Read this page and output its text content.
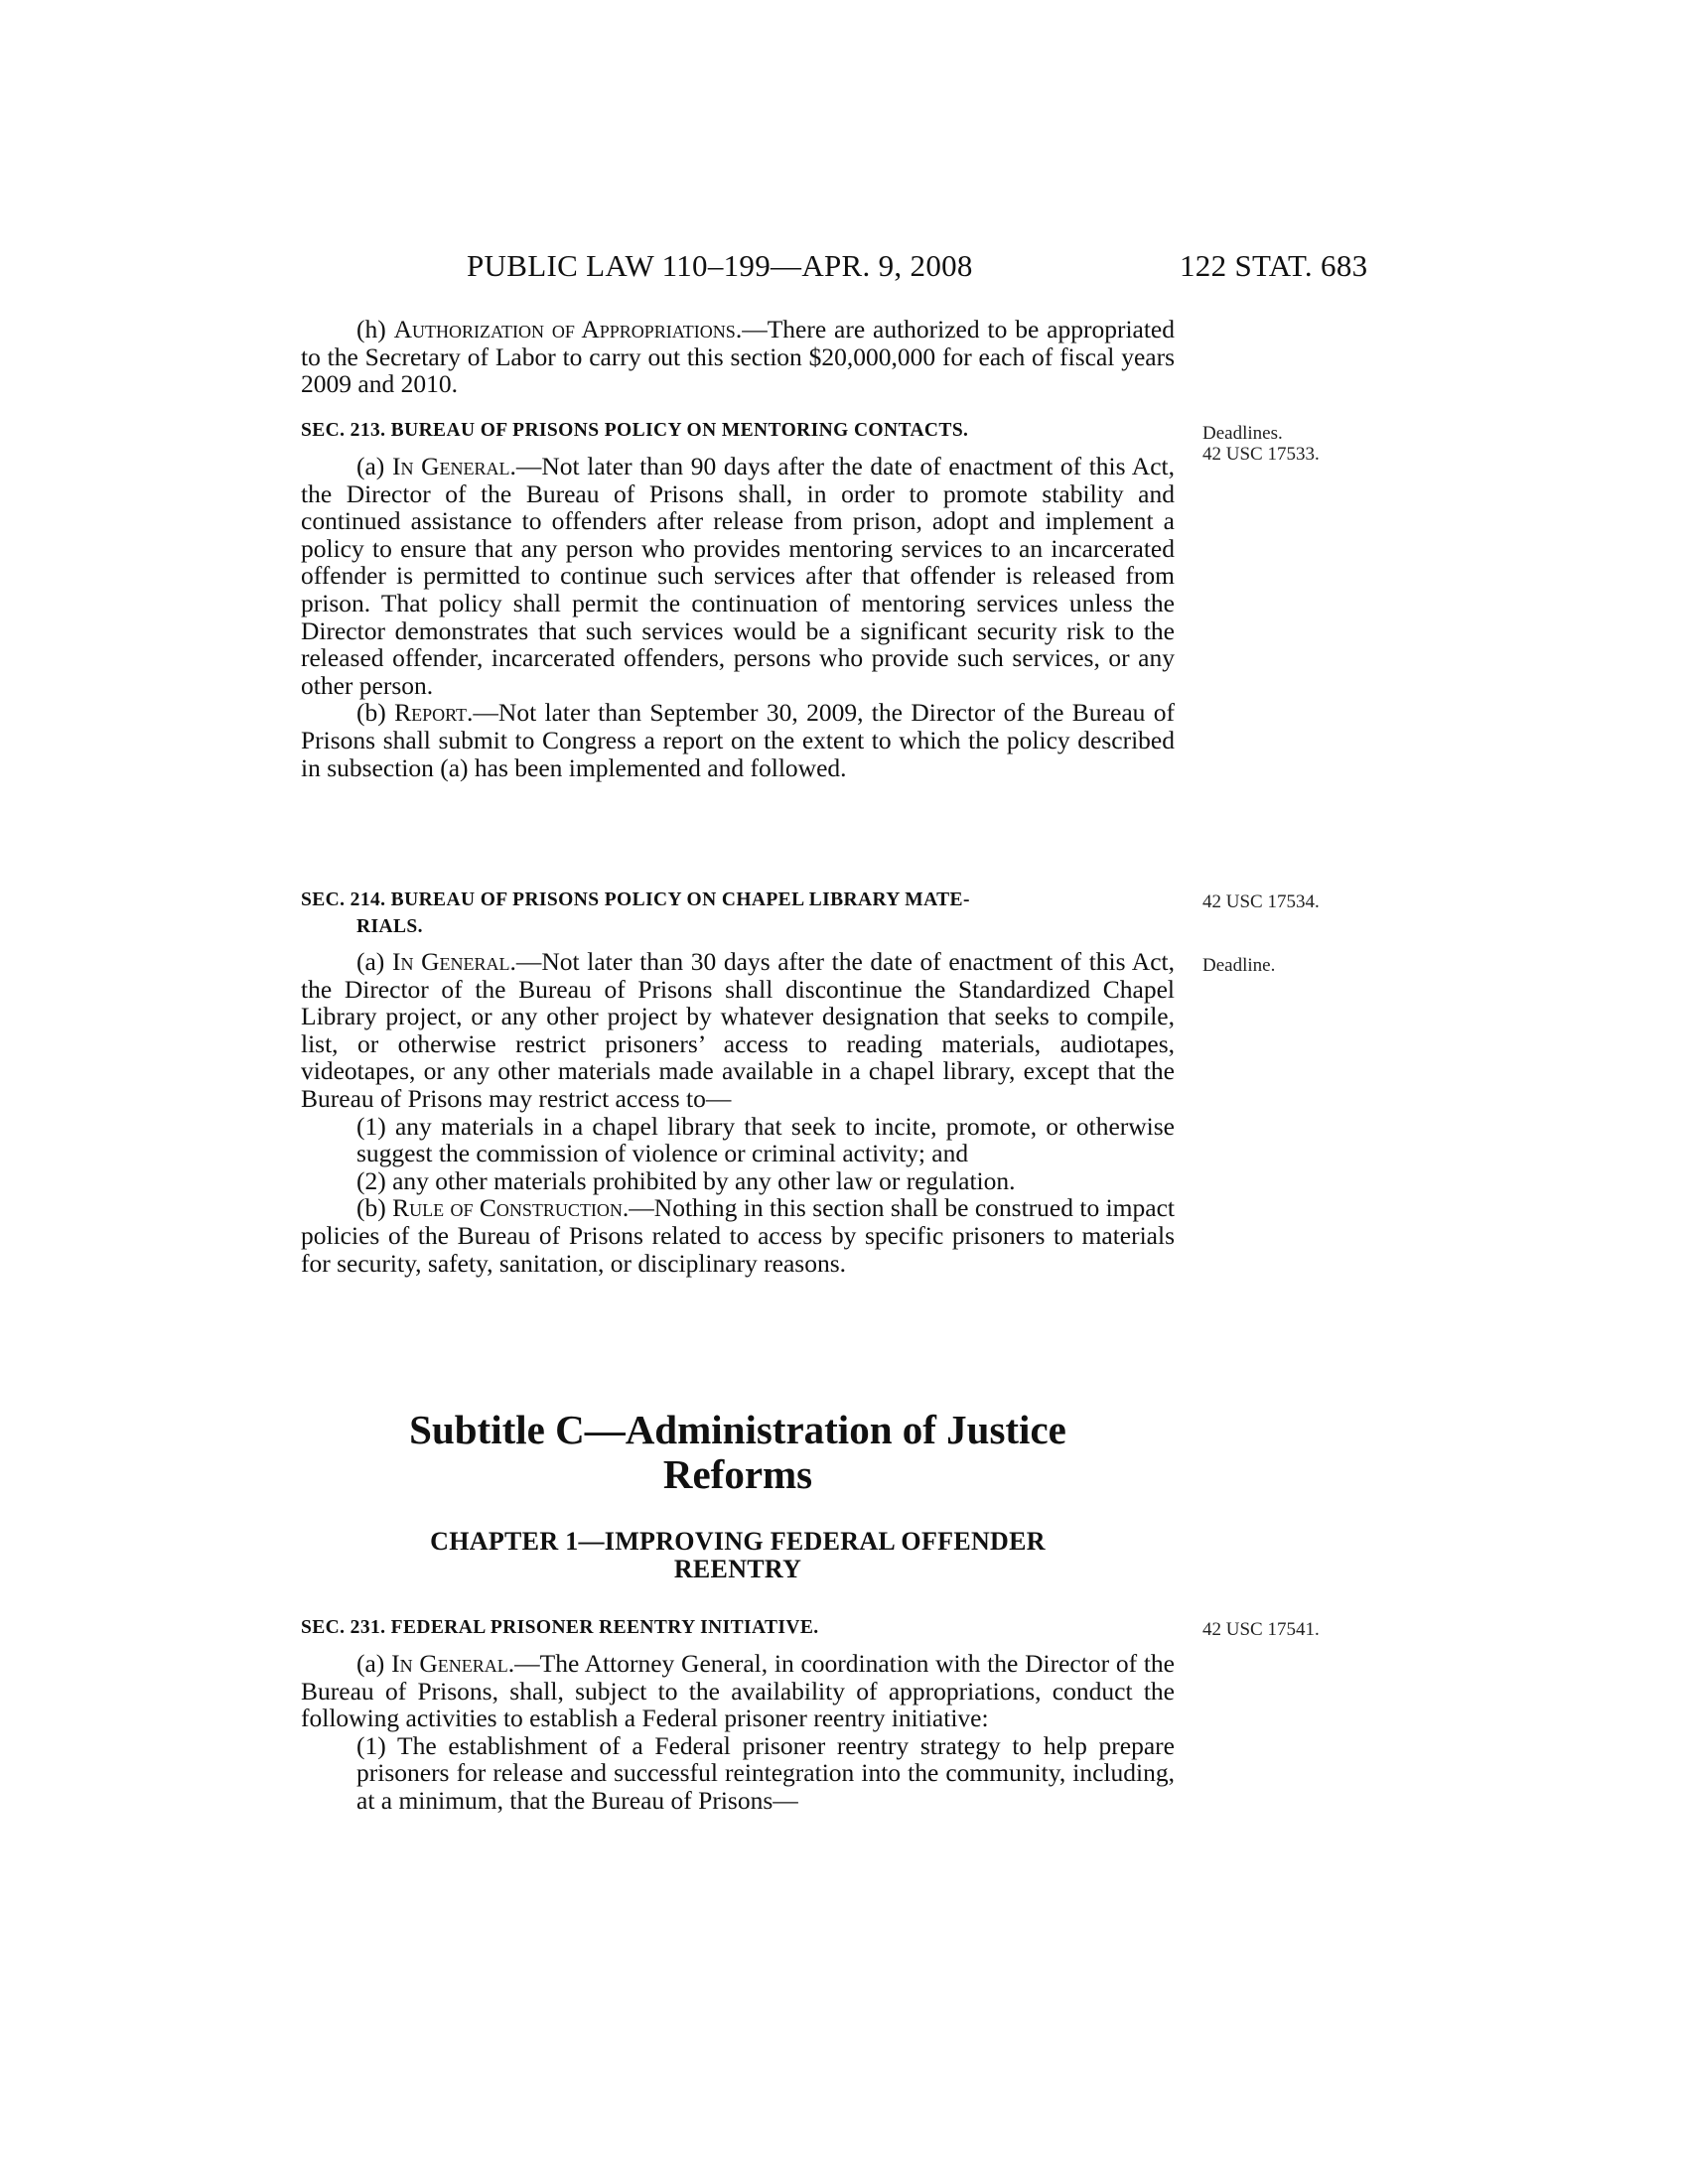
PUBLIC LAW 110–199—APR. 9, 2008	122 STAT. 683

(h) Authorization of Appropriations.—There are authorized to be appropriated to the Secretary of Labor to carry out this section $20,000,000 for each of fiscal years 2009 and 2010.

SEC. 213. BUREAU OF PRISONS POLICY ON MENTORING CONTACTS.	Deadlines.
42 USC 17533.

(a) In General.—Not later than 90 days after the date of enactment of this Act, the Director of the Bureau of Prisons shall, in order to promote stability and continued assistance to offenders after release from prison, adopt and implement a policy to ensure that any person who provides mentoring services to an incarcerated offender is permitted to continue such services after that offender is released from prison. That policy shall permit the continuation of mentoring services unless the Director demonstrates that such services would be a significant security risk to the released offender, incarcerated offenders, persons who provide such services, or any other person.

(b) Report.—Not later than September 30, 2009, the Director of the Bureau of Prisons shall submit to Congress a report on the extent to which the policy described in subsection (a) has been implemented and followed.

SEC. 214. BUREAU OF PRISONS POLICY ON CHAPEL LIBRARY MATE-
RIALS.
42 USC 17534.
Deadline.

(a) In General.—Not later than 30 days after the date of enactment of this Act, the Director of the Bureau of Prisons shall discontinue the Standardized Chapel Library project, or any other project by whatever designation that seeks to compile, list, or otherwise restrict prisoners’ access to reading materials, audiotapes, videotapes, or any other materials made available in a chapel library, except that the Bureau of Prisons may restrict access to—

(1) any materials in a chapel library that seek to incite, promote, or otherwise suggest the commission of violence or criminal activity; and

(2) any other materials prohibited by any other law or regulation.

(b) Rule of Construction.—Nothing in this section shall be construed to impact policies of the Bureau of Prisons related to access by specific prisoners to materials for security, safety, sanitation, or disciplinary reasons.

Subtitle C—Administration of Justice
Reforms
CHAPTER 1—IMPROVING FEDERAL OFFENDER
REENTRY
SEC. 231. FEDERAL PRISONER REENTRY INITIATIVE.	42 USC 17541.

(a) In General.—The Attorney General, in coordination with the Director of the Bureau of Prisons, shall, subject to the availability of appropriations, conduct the following activities to establish a Federal prisoner reentry initiative:

(1) The establishment of a Federal prisoner reentry strategy to help prepare prisoners for release and successful reintegration into the community, including, at a minimum, that the Bureau of Prisons—
